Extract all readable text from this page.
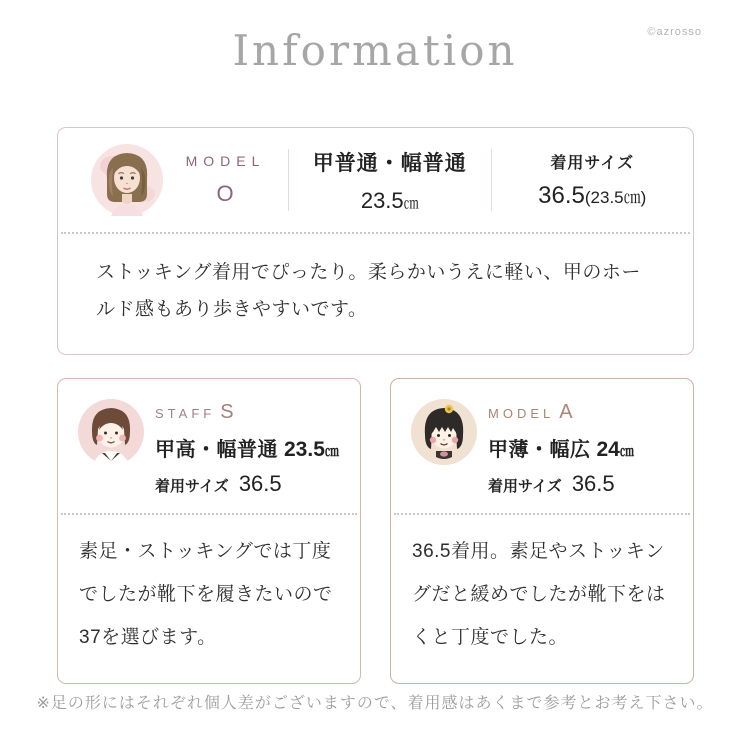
Information	©azrosso
MODEL
O
甲普通・幅普通
23.5㎝
着用サイズ
36.5(23.5㎝)

ストッキング着用でぴったり。柔らかいうえに軽い、甲のホールド感もあり歩きやすいです。

STAFF S
甲高・幅普通 23.5㎝
着用サイズ 36.5

素足・ストッキングでは丁度でしたが靴下を履きたいので37を選びます。

MODEL A
甲薄・幅広 24㎝
着用サイズ 36.5

36.5着用。素足やストッキングだと緩めでしたが靴下をはくと丁度でした。

※足の形にはそれぞれ個人差がございますので、着用感はあくまで参考とお考え下さい。
